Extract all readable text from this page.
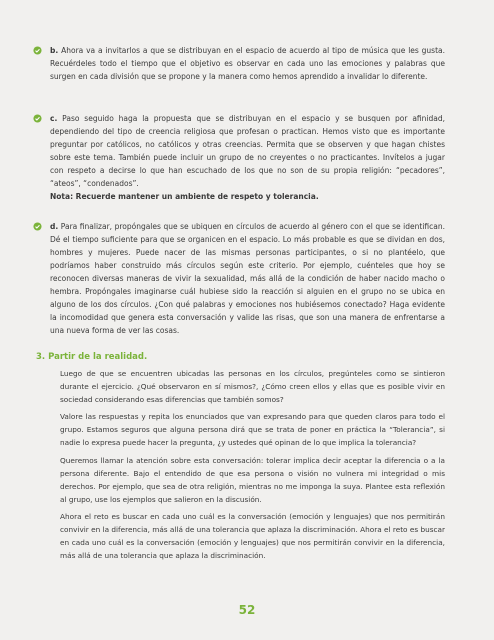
b. Ahora va a invitarlos a que se distribuyan en el espacio de acuerdo al tipo de música que les gusta. Recuérdeles todo el tiempo que el objetivo es observar en cada uno las emociones y palabras que surgen en cada división que se propone y la manera como hemos aprendido a invalidar lo diferente.
c. Paso seguido haga la propuesta que se distribuyan en el espacio y se busquen por afinidad, dependiendo del tipo de creencia religiosa que profesan o practican. Hemos visto que es importante preguntar por católicos, no católicos y otras creencias. Permita que se observen y que hagan chistes sobre este tema. También puede incluir un grupo de no creyentes o no practicantes. Invítelos a jugar con respeto a decirse lo que han escuchado de los que no son de su propia religión: “pecadores”, “ateos”, “condenados”.
Nota: Recuerde mantener un ambiente de respeto y tolerancia.
d. Para finalizar, propóngales que se ubiquen en círculos de acuerdo al género con el que se identifican. Dé el tiempo suficiente para que se organicen en el espacio. Lo más probable es que se dividan en dos, hombres y mujeres. Puede nacer de las mismas personas participantes, o si no plantéelo, que podríamos haber construido más círculos según este criterio. Por ejemplo, cuénteles que hoy se reconocen diversas maneras de vivir la sexualidad, más allá de la condición de haber nacido macho o hembra. Propóngales imaginarse cuál hubiese sido la reacción si alguien en el grupo no se ubica en alguno de los dos círculos. ¿Con qué palabras y emociones nos hubiésemos conectado? Haga evidente la incomodidad que genera esta conversación y valide las risas, que son una manera de enfrentarse a una nueva forma de ver las cosas.
3. Partir de la realidad.
Luego de que se encuentren ubicadas las personas en los círculos, pregúnteles como se sintieron durante el ejercicio. ¿Qué observaron en sí mismos?, ¿Cómo creen ellos y ellas que es posible vivir en sociedad considerando esas diferencias que también somos?
Valore las respuestas y repita los enunciados que van expresando para que queden claros para todo el grupo. Estamos seguros que alguna persona dirá que se trata de poner en práctica la “Tolerancia”, si nadie lo expresa puede hacer la pregunta, ¿y ustedes qué opinan de lo que implica la tolerancia?
Queremos llamar la atención sobre esta conversación: tolerar implica decir aceptar la diferencia o a la persona diferente. Bajo el entendido de que esa persona o visión no vulnera mi integridad o mis derechos. Por ejemplo, que sea de otra religión, mientras no me imponga la suya. Plantee esta reflexión al grupo, use los ejemplos que salieron en la discusión.
Ahora el reto es buscar en cada uno cuál es la conversación (emoción y lenguajes) que nos permitirán convivir en la diferencia, más allá de una tolerancia que aplaza la discriminación. Ahora el reto es buscar en cada uno cuál es la conversación (emoción y lenguajes) que nos permitirán convivir en la diferencia, más allá de una tolerancia que aplaza la discriminación.
52
